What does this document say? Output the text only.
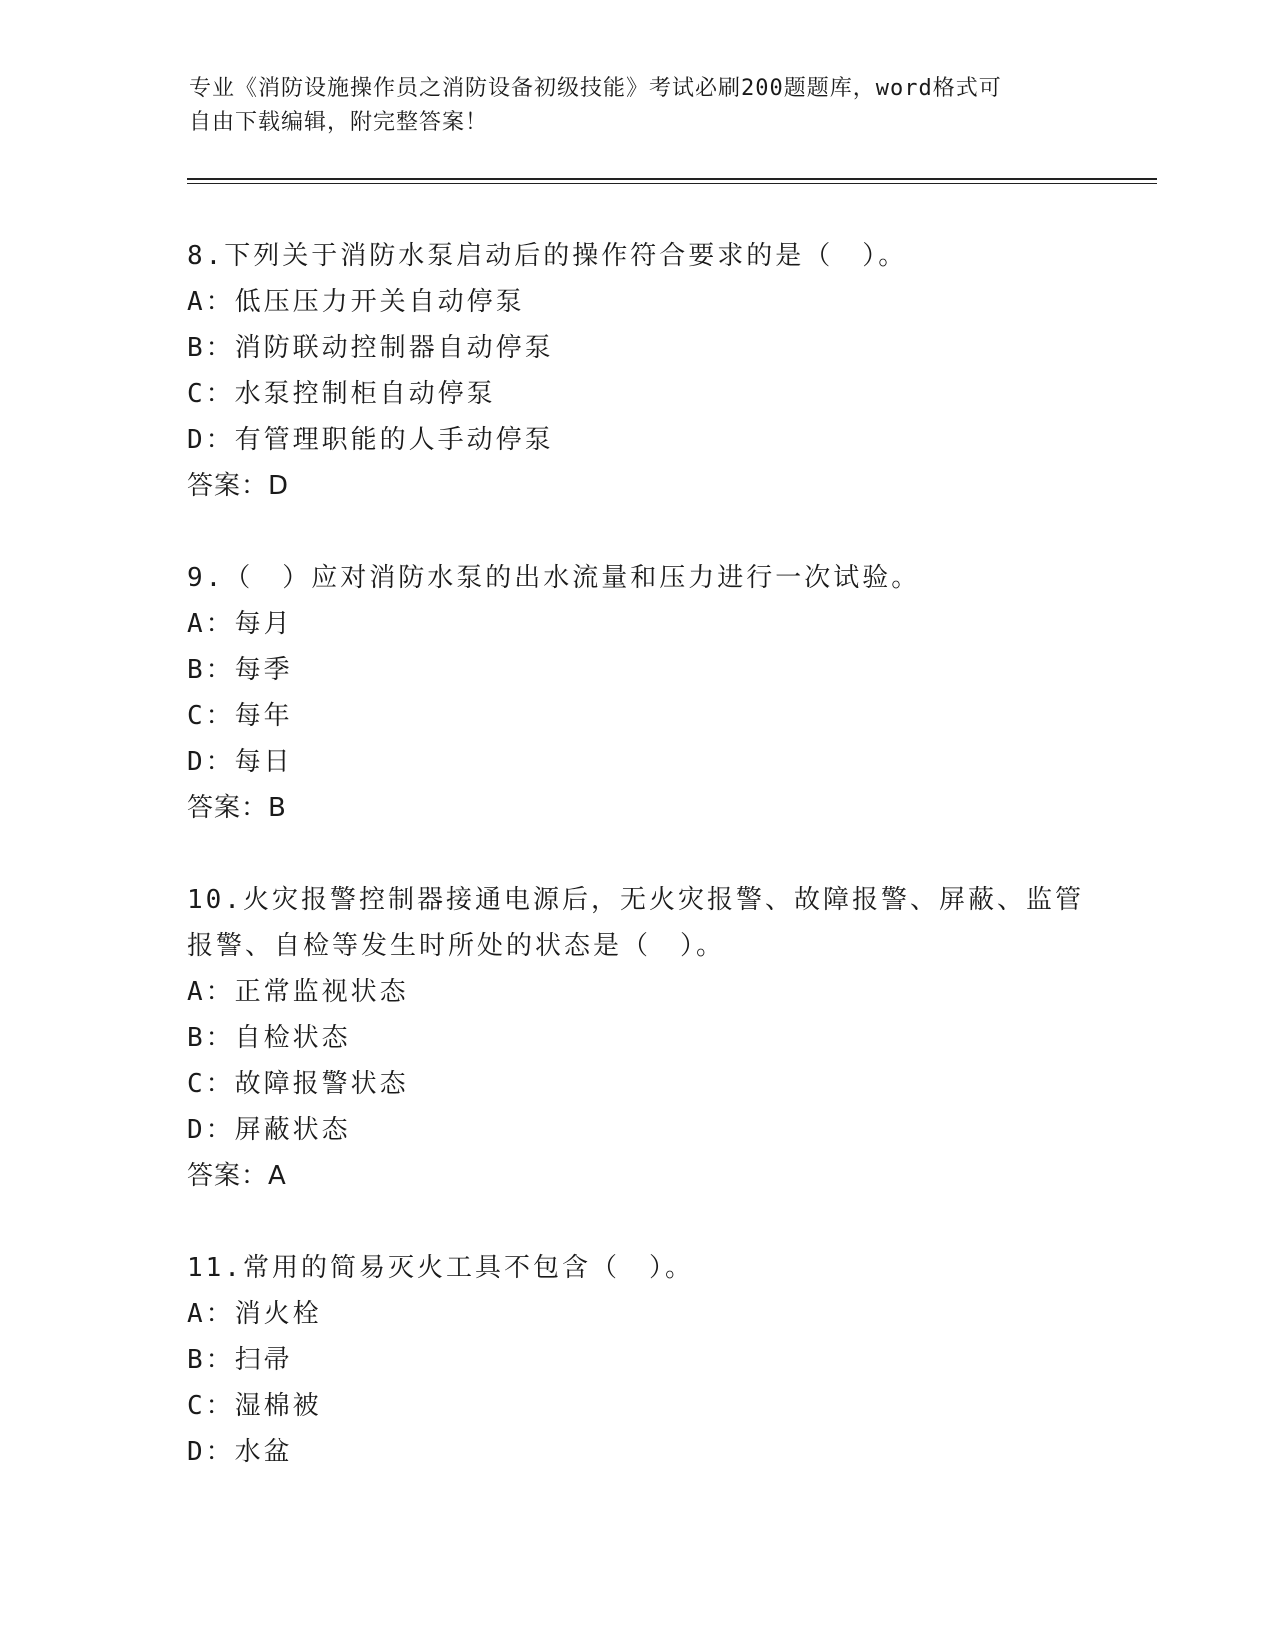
专业《消防设施操作员之消防设备初级技能》考试必刷200题题库，word格式可
自由下载编辑，附完整答案！
8.下列关于消防水泵启动后的操作符合要求的是（　）。
A：低压压力开关自动停泵
B：消防联动控制器自动停泵
C：水泵控制柜自动停泵
D：有管理职能的人手动停泵
答案：D
9.（　）应对消防水泵的出水流量和压力进行一次试验。
A：每月
B：每季
C：每年
D：每日
答案：B
10.火灾报警控制器接通电源后，无火灾报警、故障报警、屏蔽、监管报警、自检等发生时所处的状态是（　）。
A：正常监视状态
B：自检状态
C：故障报警状态
D：屏蔽状态
答案：A
11.常用的简易灭火工具不包含（　）。
A：消火栓
B：扫帚
C：湿棉被
D：水盆
